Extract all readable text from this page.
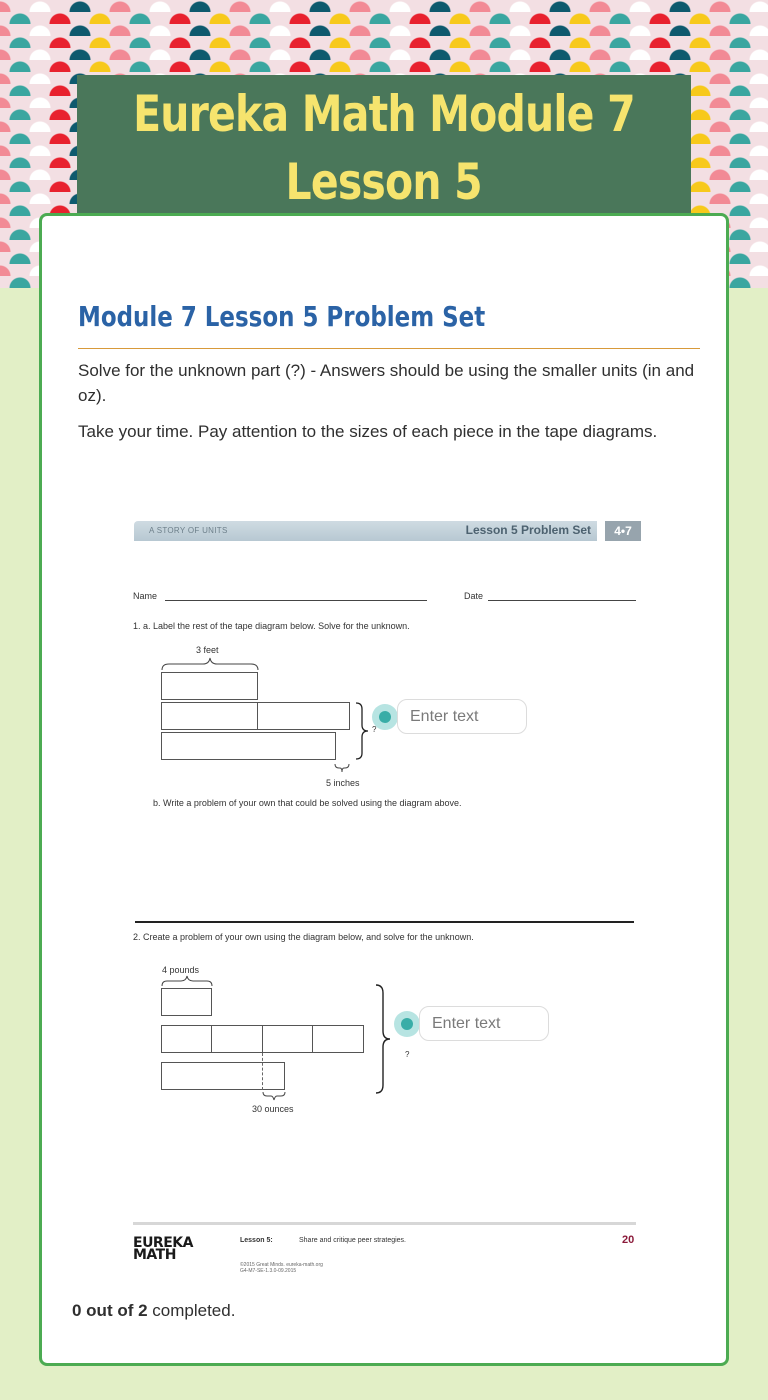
Eureka Math Module 7
Lesson 5
Module 7 Lesson 5 Problem Set
Solve for the unknown part (?) - Answers should be using the smaller units (in and oz).
Take your time. Pay attention to the sizes of each piece in the tape diagrams.
A STORY OF UNITS	Lesson 5 Problem Set	4•7
Name	Date
1. a. Label the rest of the tape diagram below. Solve for the unknown.
3 feet
?
5 inches
b. Write a problem of your own that could be solved using the diagram above.
Enter text
2. Create a problem of your own using the diagram below, and solve for the unknown.
4 pounds
30 ounces
?
Enter text
EUREKA
MATH
Lesson 5:	Share and critique peer strategies.	20
©2015 Great Minds. eureka-math.org
G4-M7-SE-1.3.0-09.2015
0 out of 2 completed.
